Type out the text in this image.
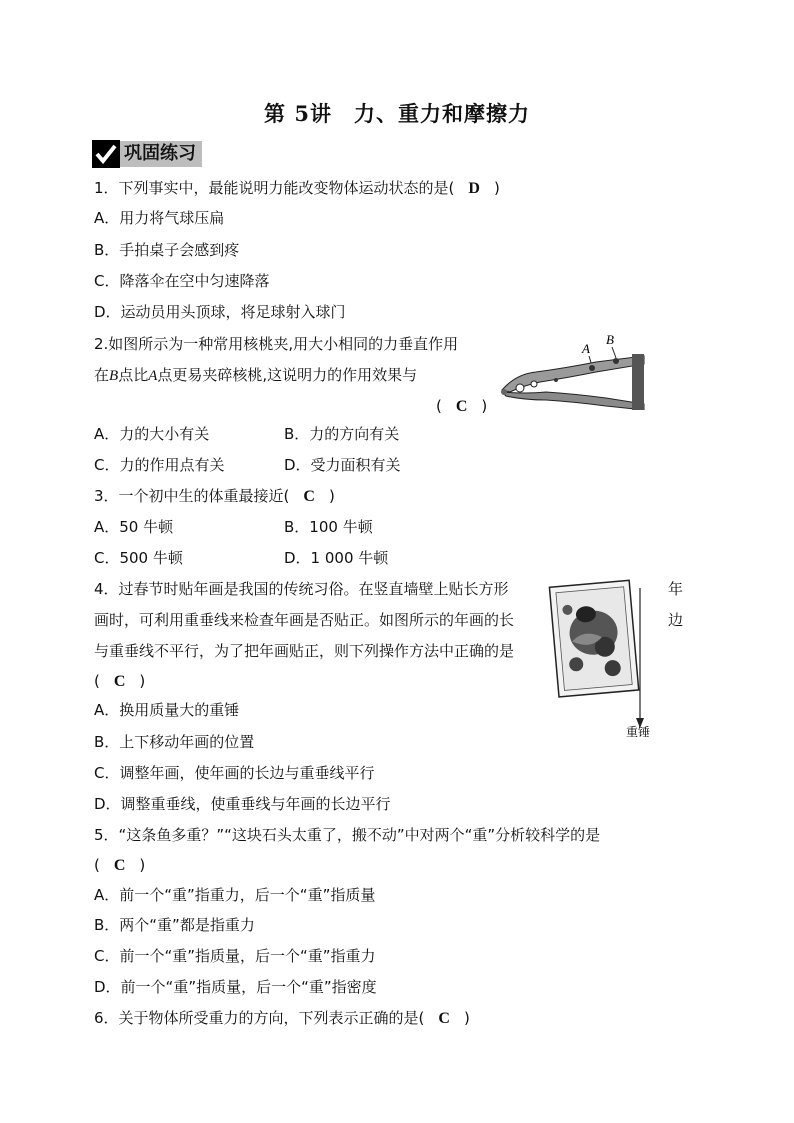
第 5讲　力、重力和摩擦力
巩固练习
1．下列事实中，最能说明力能改变物体运动状态的是( D )
A．用力将气球压扁
B．手拍桌子会感到疼
C．降落伞在空中匀速降落
D．运动员用头顶球，将足球射入球门
2.如图所示为一种常用核桃夹,用大小相同的力垂直作用
在B点比A点更易夹碎核桃,这说明力的作用效果与
( C )
A
B
A．力的大小有关	B．力的方向有关
C．力的作用点有关	D．受力面积有关
3．一个初中生的体重最接近( C )
A．50 牛顿	B．100 牛顿
C．500 牛顿	D．1 000 牛顿
4．过春节时贴年画是我国的传统习俗。在竖直墙壁上贴长方形	年
画时，可利用重垂线来检查年画是否贴正。如图所示的年画的长	边
与重垂线不平行，为了把年画贴正，则下列操作方法中正确的是
( C )
重锤
A．换用质量大的重锤
B．上下移动年画的位置
C．调整年画，使年画的长边与重垂线平行
D．调整重垂线，使重垂线与年画的长边平行
5．“这条鱼多重？”“这块石头太重了，搬不动”中对两个“重”分析较科学的是
( C )
A．前一个“重”指重力，后一个“重”指质量
B．两个“重”都是指重力
C．前一个“重”指质量，后一个“重”指重力
D．前一个“重”指质量，后一个“重”指密度
6．关于物体所受重力的方向，下列表示正确的是( C )
